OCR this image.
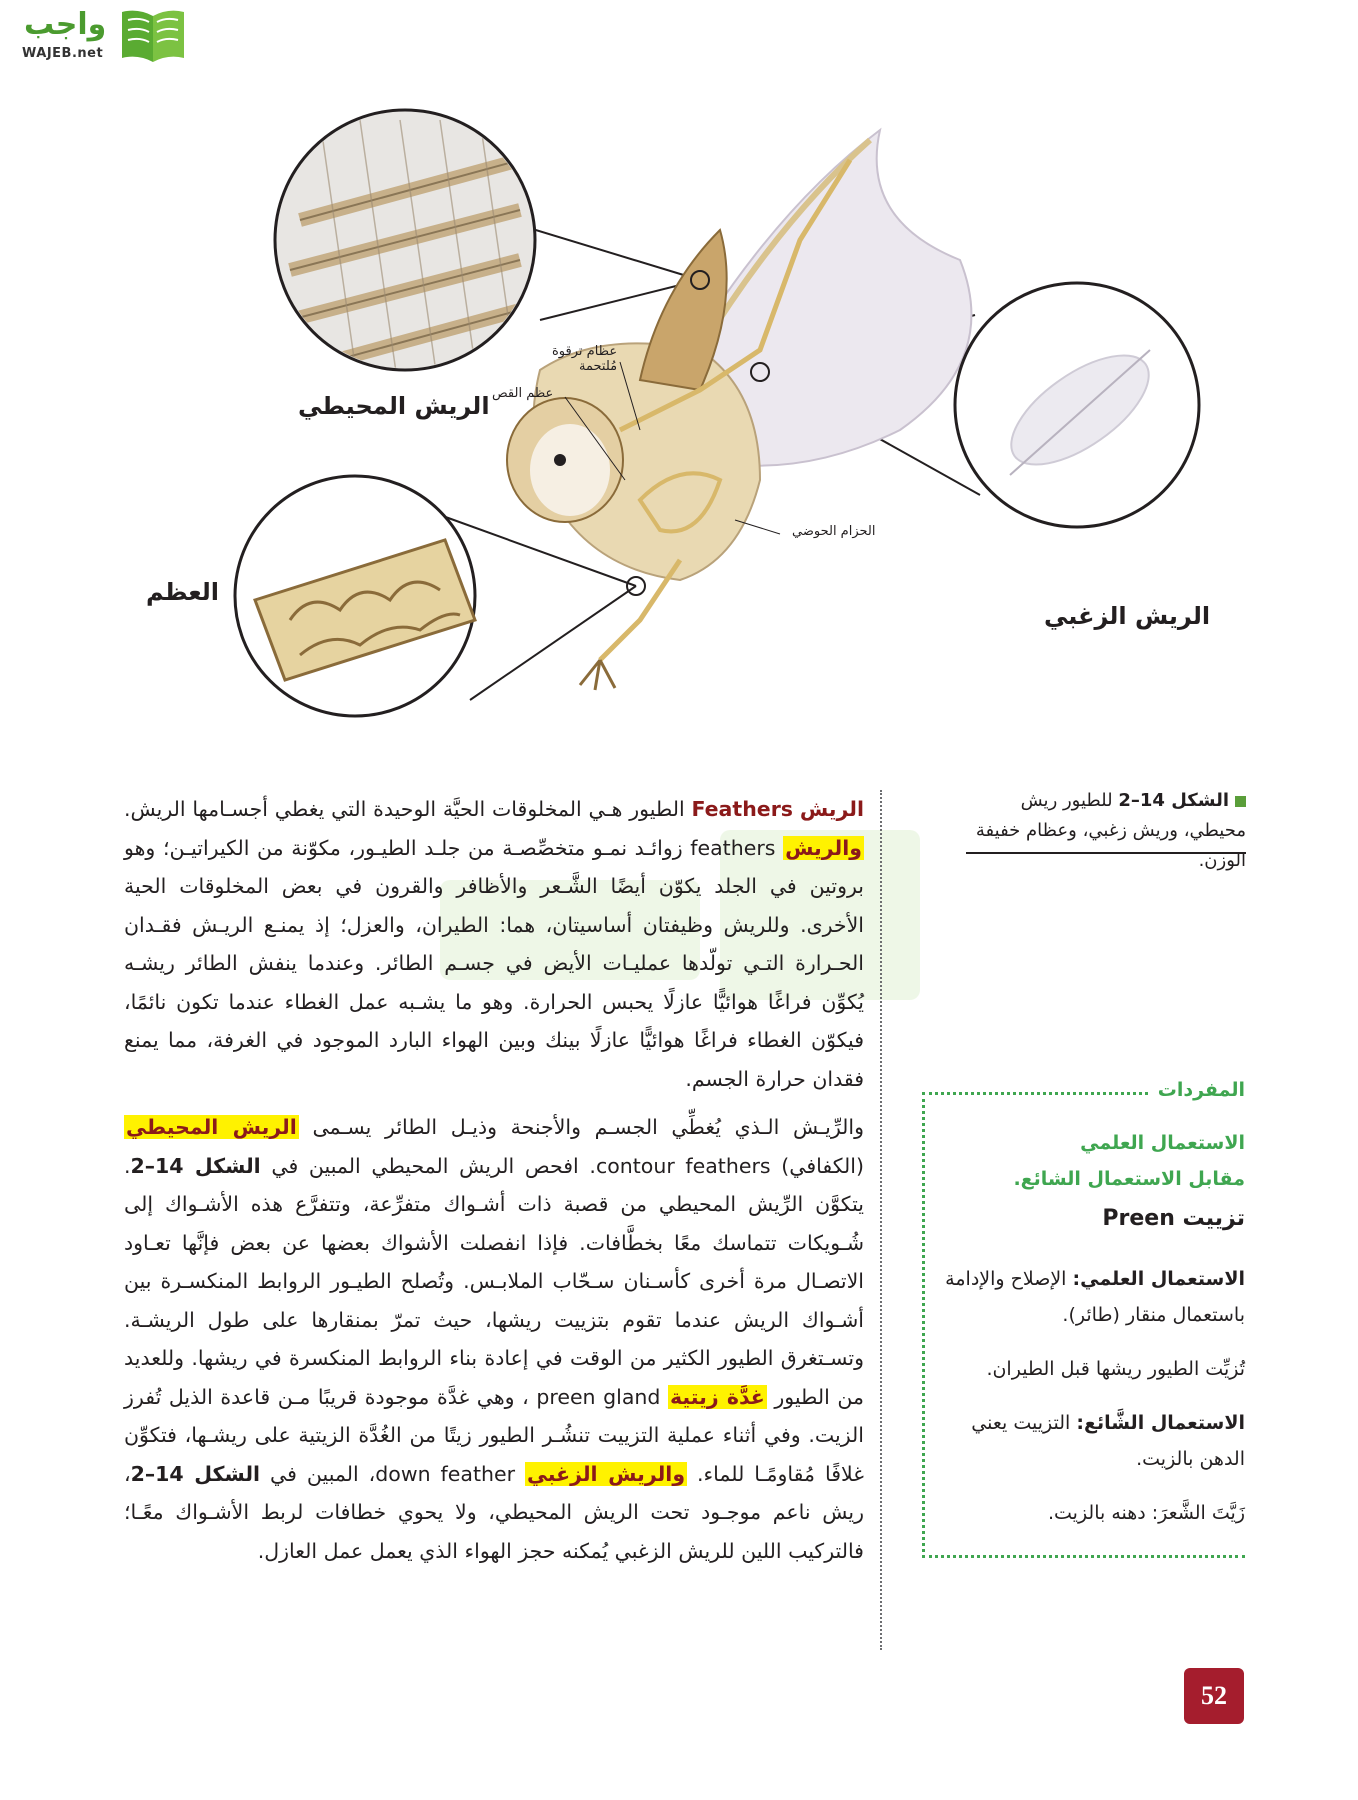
واجب
WAJEB.net
الريش المحيطي
العظم
الريش الزغبي
عظام ترقوة
مُلتحمة
عظم القص
الحزام الحوضي
الشكل 14–2 للطيور ريش محيطي، وريش زغبي، وعظام خفيفة الوزن.

الريش Feathers الطيور هـي المخلوقات الحيَّة الوحيدة التي يغطي أجسـامها الريش. والريش feathers زوائـد نمـو متخصِّصـة من جلـد الطيـور، مكوّنة من الكيراتيـن؛ وهو بروتين في الجلد يكوّن أيضًا الشَّـعر والأظافر والقرون في بعض المخلوقات الحية الأخرى. وللريش وظيفتان أساسيتان، هما: الطيران، والعزل؛ إذ يمنـع الريـش فقـدان الحـرارة التـي تولّدها عمليـات الأيض في جسـم الطائر. وعندما ينفش الطائر ريشـه يُكوِّن فراغًا هوائيًّا عازلًا يحبس الحرارة. وهو ما يشـبه عمل الغطاء عندما تكون نائمًا، فيكوّن الغطاء فراغًا هوائيًّا عازلًا بينك وبين الهواء البارد الموجود في الغرفة، مما يمنع فقدان حرارة الجسم.

والرِّيـش الـذي يُغطِّي الجسـم والأجنحة وذيـل الطائر يسـمى الريش المحيطي (الكفافي) contour feathers. افحص الريش المحيطي المبين في الشكل 14–2. يتكوَّن الرِّيش المحيطي من قصبة ذات أشـواك متفرِّعة، وتتفرَّع هذه الأشـواك إلى شُـويكات تتماسك معًا بخطَّافات. فإذا انفصلت الأشواك بعضها عن بعض فإنَّها تعـاود الاتصـال مرة أخرى كأسـنان سـحّاب الملابـس. وتُصلح الطيـور الروابط المنكسـرة بين أشـواك الريش عندما تقوم بتزييت ريشها، حيث تمرّ بمنقارها على طول الريشـة. وتسـتغرق الطيور الكثير من الوقت في إعادة بناء الروابط المنكسرة في ريشها. وللعديد من الطيور غدَّة زيتية preen gland ، وهي غدَّة موجودة قريبًا مـن قاعدة الذيل تُفرز الزيت. وفي أثناء عملية التزييت تنشُـر الطيور زيتًا من الغُدَّة الزيتية على ريشـها، فتكوِّن غلافًا مُقاومًـا للماء. والريش الزغبي down feather، المبين في الشكل 14–2، ريش ناعم موجـود تحت الريش المحيطي، ولا يحوي خطافات لربط الأشـواك معًـا؛ فالتركيب اللين للريش الزغبي يُمكنه حجز الهواء الذي يعمل عمل العازل.

المفردات
الاستعمال العلمي
مقابل الاستعمال الشائع.
تزييت Preen

الاستعمال العلمي: الإصلاح والإدامة باستعمال منقار (طائر).

تُزيِّت الطيور ريشها قبل الطيران.

الاستعمال الشَّائع: التزييت يعني الدهن بالزيت.

زَيَّتَ الشَّعرَ: دهنه بالزيت.

52
